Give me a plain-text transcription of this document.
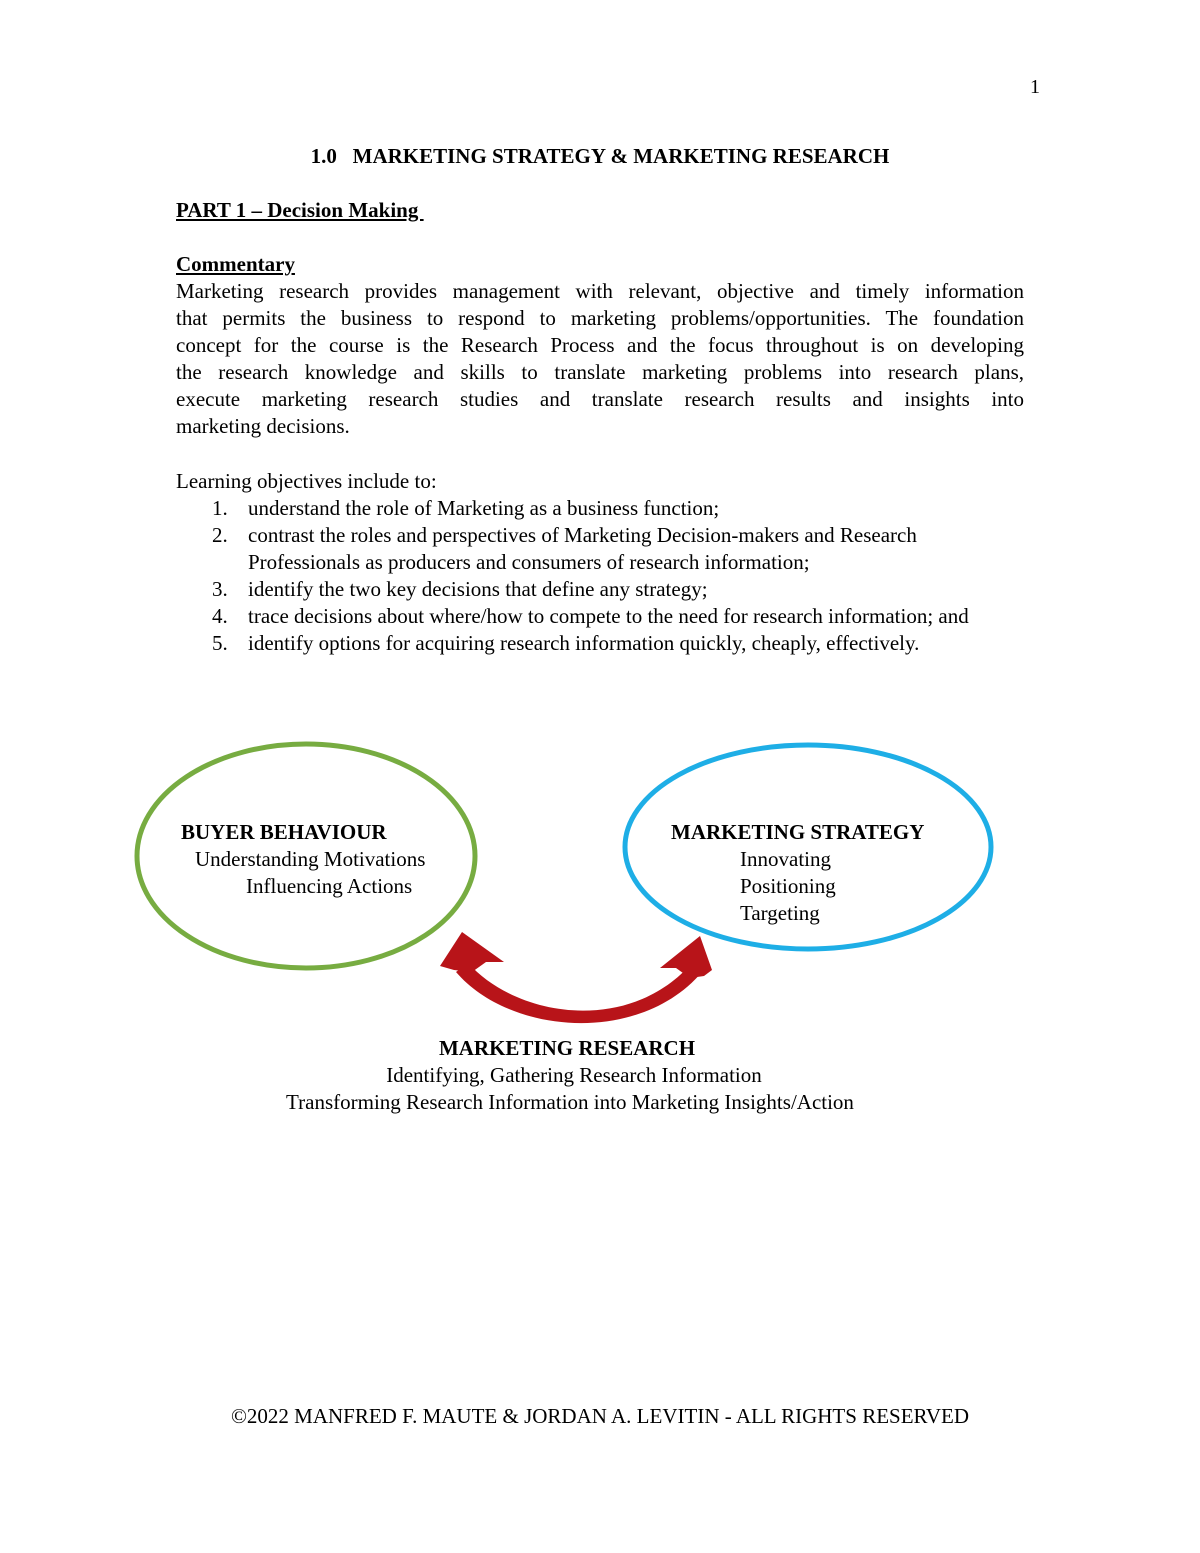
1
1.0   MARKETING STRATEGY & MARKETING RESEARCH
PART 1 – Decision Making
Commentary
Marketing research provides management with relevant, objective and timely information
that permits the business to respond to marketing problems/opportunities. The foundation
concept for the course is the Research Process and the focus throughout is on developing
the research knowledge and skills to translate marketing problems into research plans,
execute marketing research studies and translate research results and insights into
marketing decisions.
Learning objectives include to:
1. understand the role of Marketing as a business function;
2. contrast the roles and perspectives of Marketing Decision-makers and Research
Professionals as producers and consumers of research information;
3. identify the two key decisions that define any strategy;
4. trace decisions about where/how to compete to the need for research information; and
5. identify options for acquiring research information quickly, cheaply, effectively.
BUYER BEHAVIOUR
Understanding Motivations
Influencing Actions
MARKETING STRATEGY
Innovating
Positioning
Targeting
MARKETING RESEARCH
Identifying, Gathering Research Information
Transforming Research Information into Marketing Insights/Action
©2022 MANFRED F. MAUTE & JORDAN A. LEVITIN - ALL RIGHTS RESERVED
